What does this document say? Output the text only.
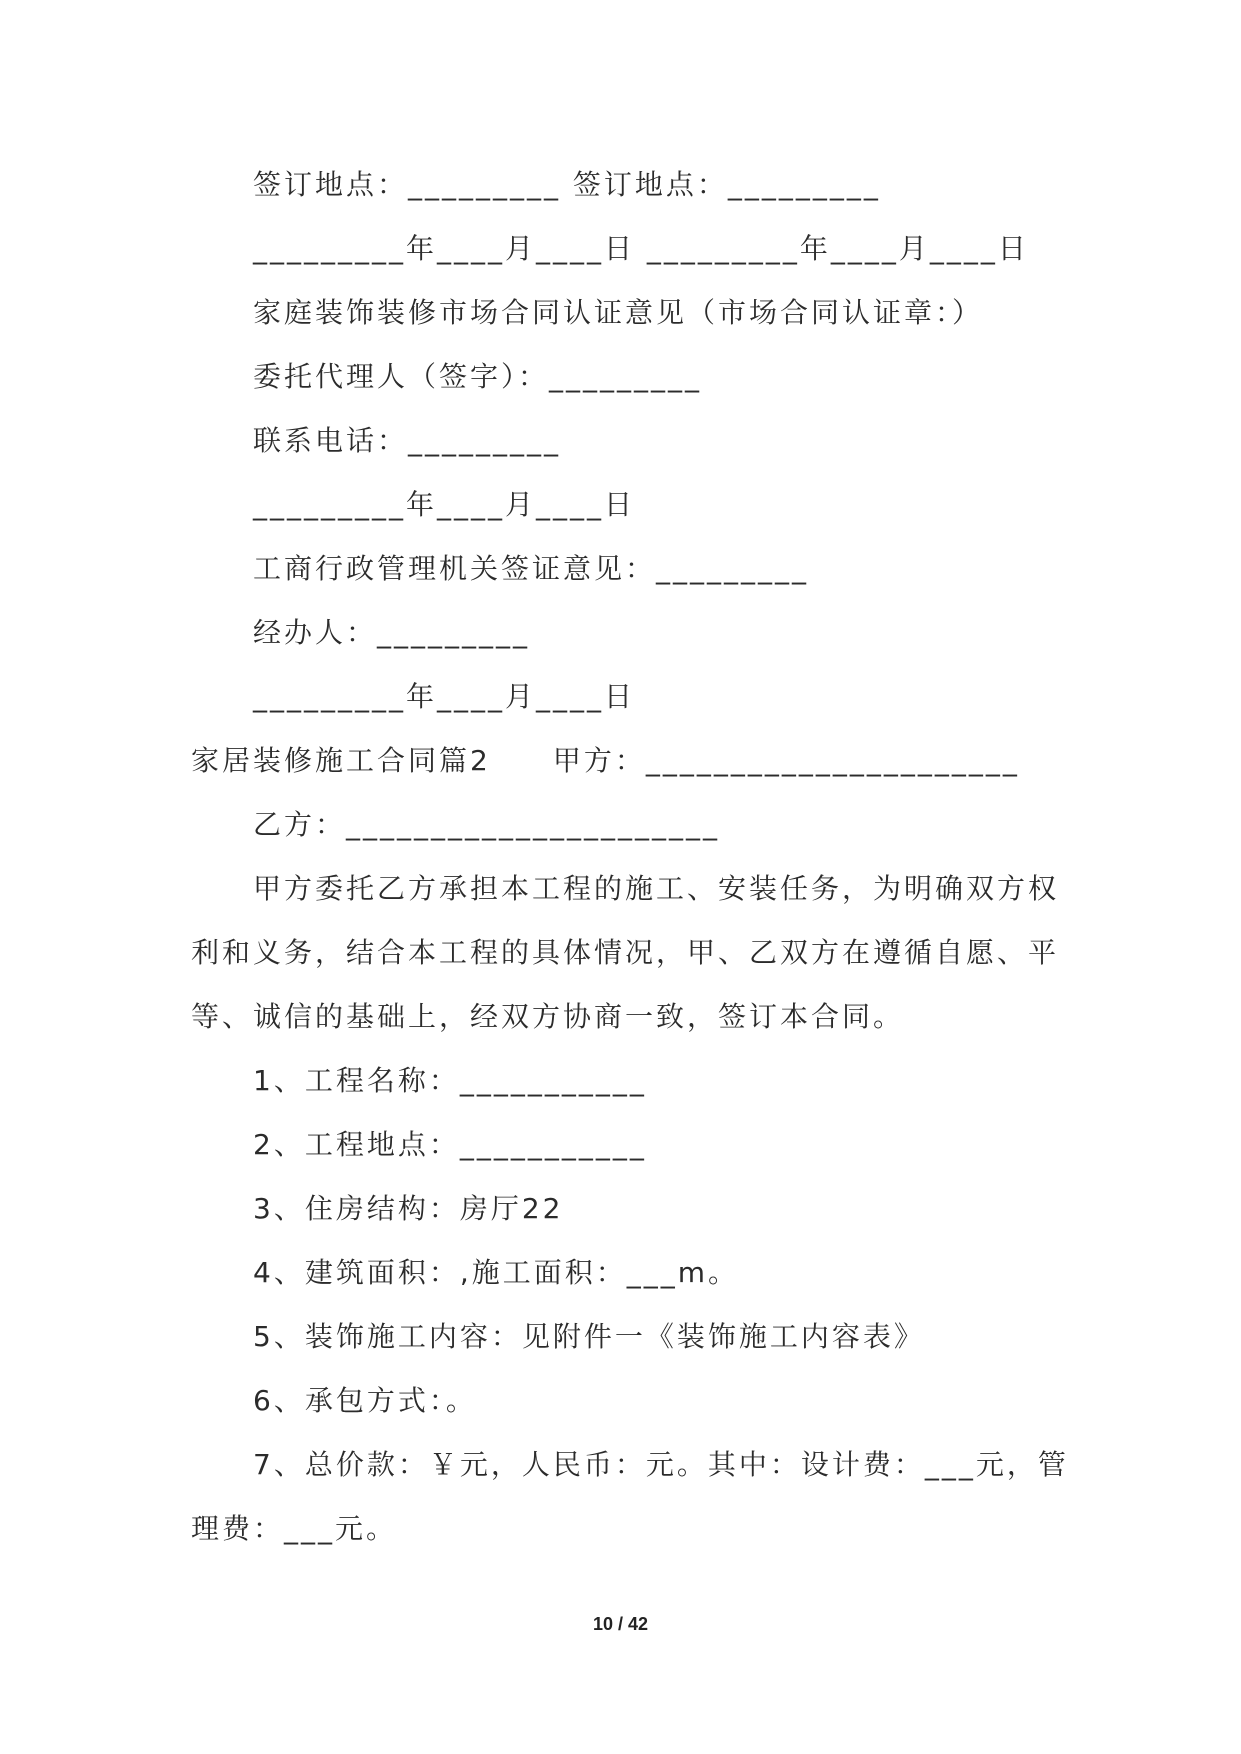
签订地点：_________ 签订地点：_________
_________年____月____日 _________年____月____日
家庭装饰装修市场合同认证意见（市场合同认证章：）
委托代理人（签字）：_________
联系电话：_________
_________年____月____日
工商行政管理机关签证意见：_________
经办人：_________
_________年____月____日
家居装修施工合同篇2　　甲方：______________________
乙方：______________________
甲方委托乙方承担本工程的施工、安装任务，为明确双方权
利和义务，结合本工程的具体情况，甲、乙双方在遵循自愿、平
等、诚信的基础上，经双方协商一致，签订本合同。
1、工程名称：___________
2、工程地点：___________
3、住房结构：房厅22
4、建筑面积：,施工面积：___m。
5、装饰施工内容：见附件一《装饰施工内容表》
6、承包方式：。
7、总价款：￥元，人民币：元。其中：设计费：___元，管
理费：___元。
10 / 42
